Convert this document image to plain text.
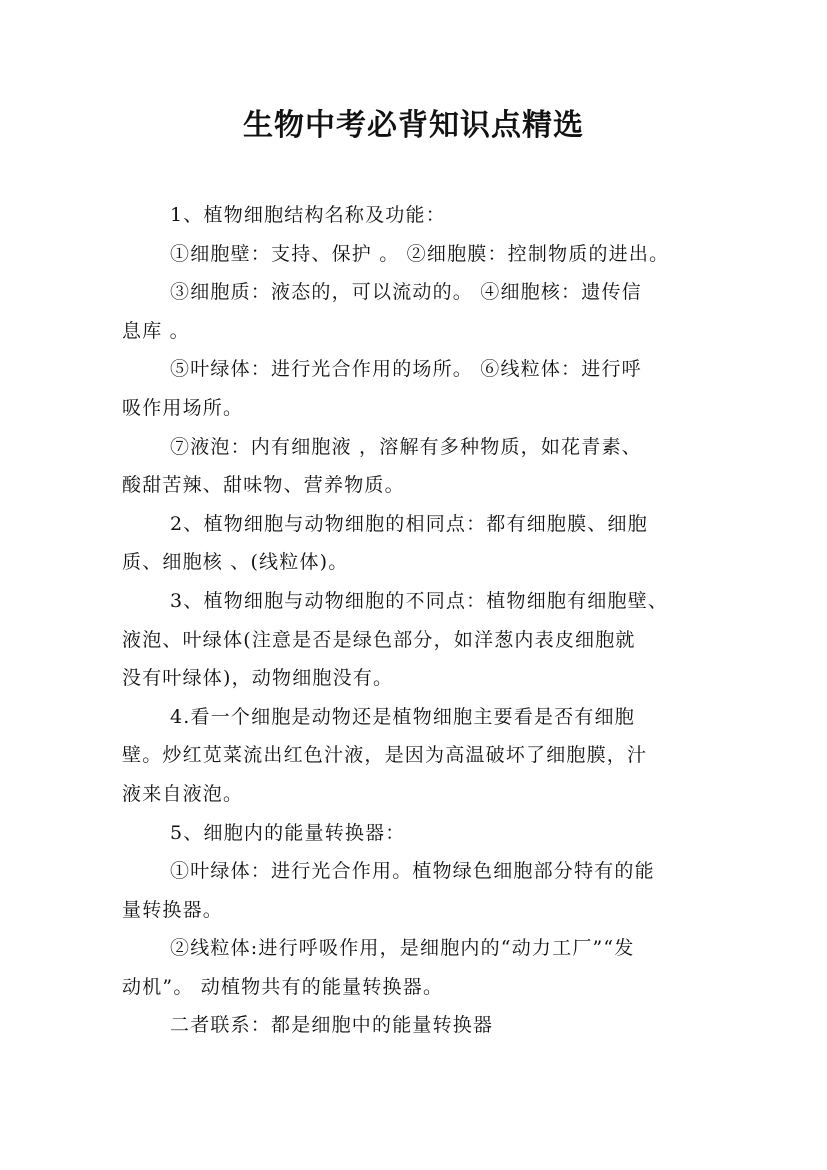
生物中考必背知识点精选
1、植物细胞结构名称及功能：
①细胞壁：支持、保护 。 ②细胞膜：控制物质的进出。
③细胞质：液态的，可以流动的。 ④细胞核：遗传信
息库 。
⑤叶绿体：进行光合作用的场所。 ⑥线粒体：进行呼
吸作用场所。
⑦液泡：内有细胞液 ，溶解有多种物质，如花青素、
酸甜苦辣、甜味物、营养物质。
2、植物细胞与动物细胞的相同点：都有细胞膜、细胞
质、细胞核 、(线粒体)。
3、植物细胞与动物细胞的不同点：植物细胞有细胞壁、
液泡、叶绿体(注意是否是绿色部分，如洋葱内表皮细胞就
没有叶绿体)，动物细胞没有。
4.看一个细胞是动物还是植物细胞主要看是否有细胞
壁。炒红苋菜流出红色汁液，是因为高温破坏了细胞膜，汁
液来自液泡。
5、细胞内的能量转换器：
①叶绿体：进行光合作用。植物绿色细胞部分特有的能
量转换器。
②线粒体:进行呼吸作用，是细胞内的“动力工厂”“发
动机”。 动植物共有的能量转换器。
二者联系：都是细胞中的能量转换器
